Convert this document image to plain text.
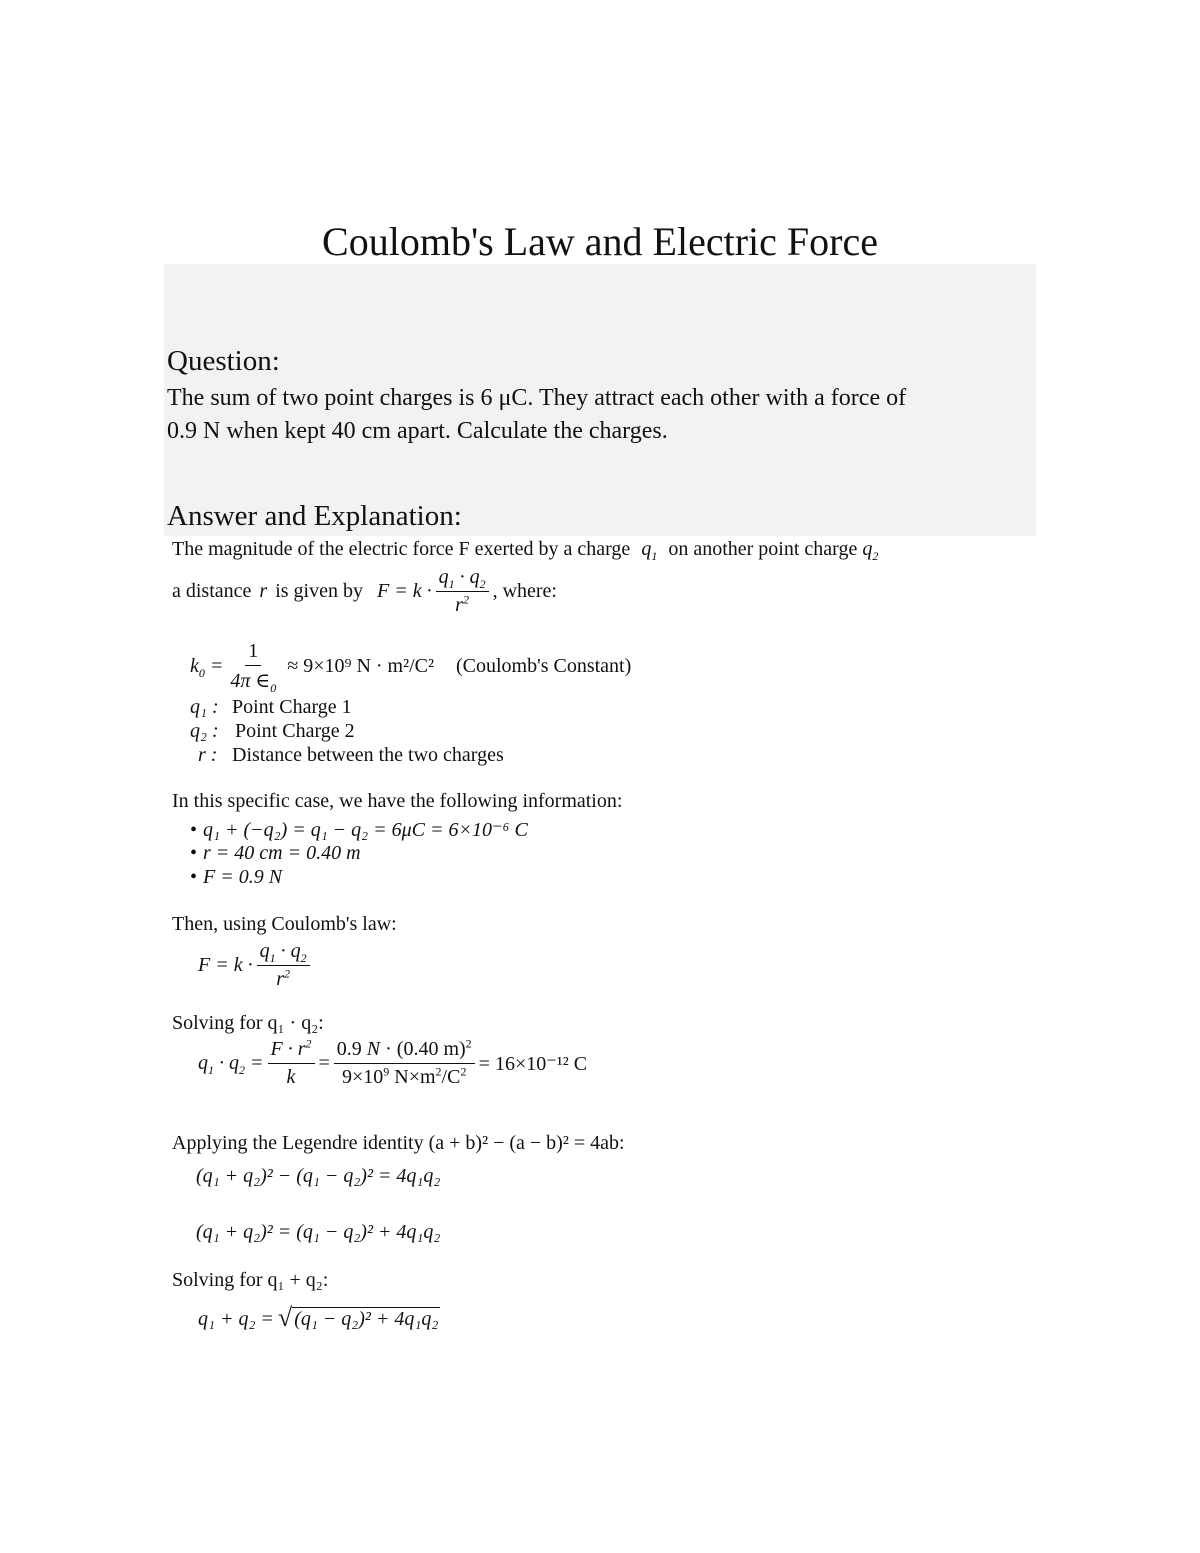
Coulomb's Law and Electric Force
Question:
The sum of two point charges is 6 μC. They attract each other with a force of
0.9 N when kept 40 cm apart. Calculate the charges.
Answer and Explanation:
The magnitude of the electric force F exerted by a charge $q_1$ on another point charge $q_2$
a distance r is given by F = k ·
$q_1 \cdot q_2$
$r^2$ , where:
$k_0 = \frac{1}{4\pi \in_0} \approx 9\times 10^9$ N · m²/C² (Coulomb's Constant)
q₁ : Point Charge 1
q₂ : Point Charge 2
r : Distance between the two charges
In this specific case, we have the following information:
• q₁ + (−q₂) = q₁ − q₂ = 6μC = 6×10⁻⁶ C
• r = 40 cm = 0.40 m
• F = 0.9 N
Then, using Coulomb's law:
F = k ·
$q_1 \cdot q_2$
$r^2$
Solving for q₁ · q₂:
$q_1 \cdot q_2 = \frac{F \cdot r^2}{k} = \frac{0.9 N \cdot (0.40 m)^2}{9\times 10^9 N\times m^2/C^2} = 16\times 10^{-12}$ C
Applying the Legendre identity (a + b)² − (a − b)² = 4ab:
(q₁ + q₂)² − (q₁ − q₂)² = 4q₁q₂
(q₁ + q₂)² = (q₁ − q₂)² + 4q₁q₂
Solving for q₁ + q₂:
q₁ + q₂ = √ (q₁ − q₂)² + 4q₁q₂
